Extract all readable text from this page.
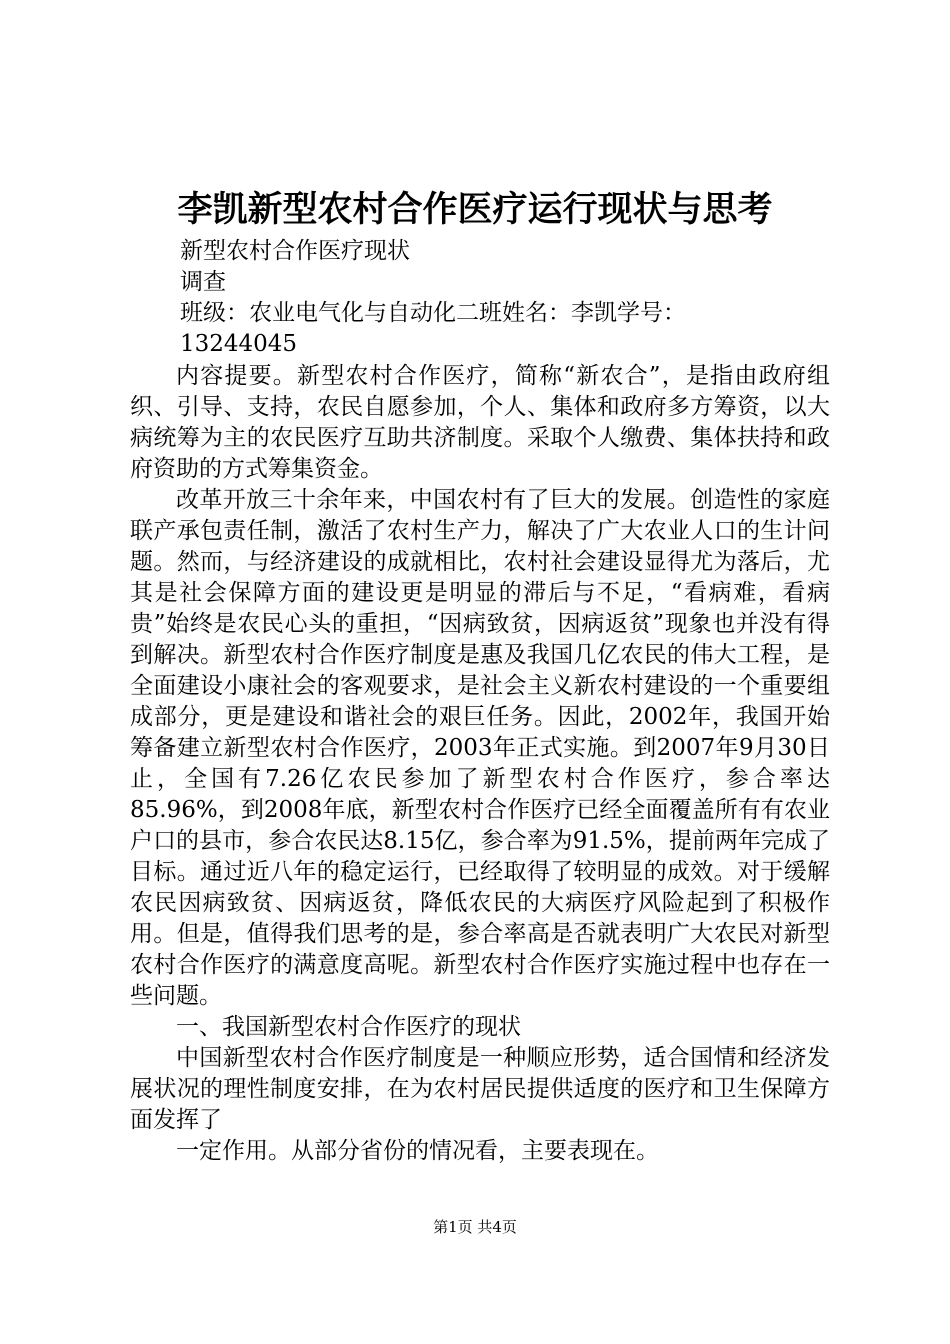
李凯新型农村合作医疗运行现状与思考
新型农村合作医疗现状
调查
班级：农业电气化与自动化二班姓名：李凯学号：
13244045

内容提要。新型农村合作医疗，简称“新农合”，是指由政府组织、引导、支持，农民自愿参加，个人、集体和政府多方筹资，以大病统筹为主的农民医疗互助共济制度。采取个人缴费、集体扶持和政府资助的方式筹集资金。

改革开放三十余年来，中国农村有了巨大的发展。创造性的家庭联产承包责任制，激活了农村生产力，解决了广大农业人口的生计问题。然而，与经济建设的成就相比，农村社会建设显得尤为落后，尤其是社会保障方面的建设更是明显的滞后与不足，“看病难，看病贵”始终是农民心头的重担，“因病致贫，因病返贫”现象也并没有得到解决。新型农村合作医疗制度是惠及我国几亿农民的伟大工程，是全面建设小康社会的客观要求，是社会主义新农村建设的一个重要组成部分，更是建设和谐社会的艰巨任务。因此，2002年，我国开始筹备建立新型农村合作医疗，2003年正式实施。到2007年9月30日止，全国有7.26亿农民参加了新型农村合作医疗，参合率达85.96%，到2008年底，新型农村合作医疗已经全面覆盖所有有农业户口的县市，参合农民达8.15亿，参合率为91.5%，提前两年完成了目标。通过近八年的稳定运行，已经取得了较明显的成效。对于缓解农民因病致贫、因病返贫，降低农民的大病医疗风险起到了积极作用。但是，值得我们思考的是，参合率高是否就表明广大农民对新型农村合作医疗的满意度高呢。新型农村合作医疗实施过程中也存在一些问题。

一、我国新型农村合作医疗的现状

中国新型农村合作医疗制度是一种顺应形势，适合国情和经济发展状况的理性制度安排，在为农村居民提供适度的医疗和卫生保障方面发挥了

一定作用。从部分省份的情况看，主要表现在。

第1页 共4页
